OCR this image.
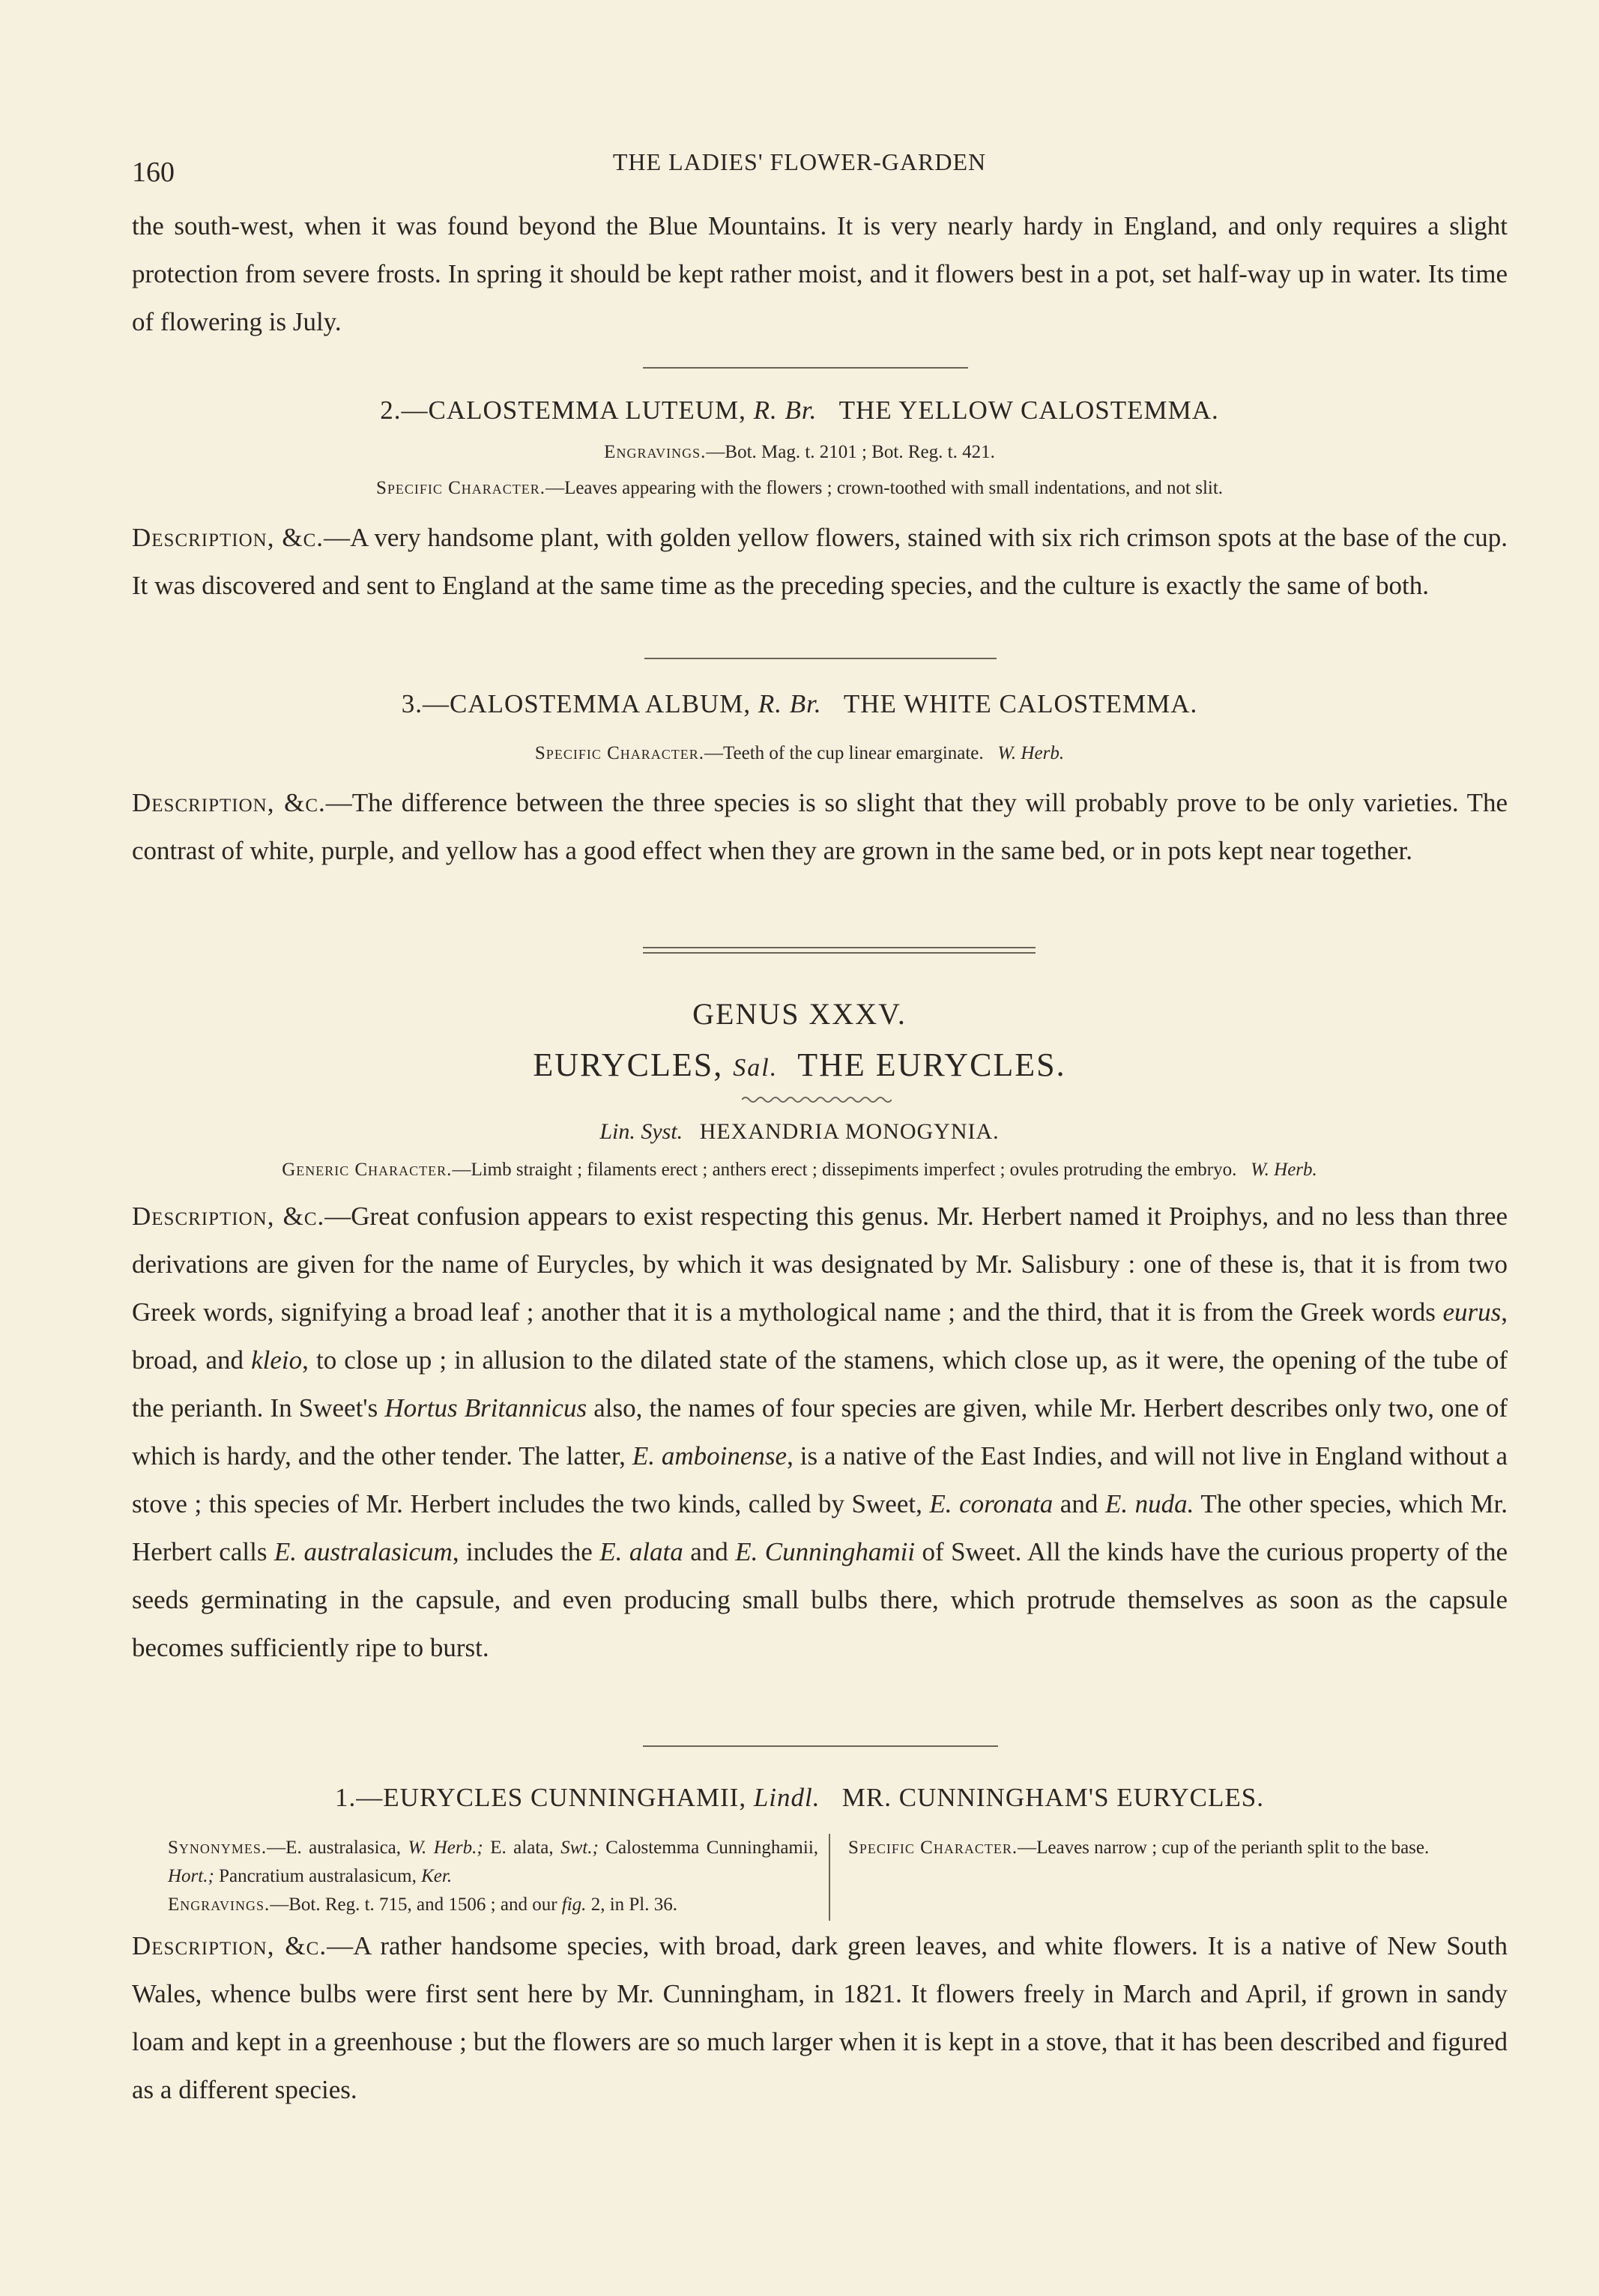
160	THE LADIES' FLOWER-GARDEN

the south-west, when it was found beyond the Blue Mountains. It is very nearly hardy in England, and only requires a slight protection from severe frosts. In spring it should be kept rather moist, and it flowers best in a pot, set half-way up in water. Its time of flowering is July.

2.—CALOSTEMMA LUTEUM, R. Br. THE YELLOW CALOSTEMMA.
Engravings.—Bot. Mag. t. 2101 ; Bot. Reg. t. 421.
Specific Character.—Leaves appearing with the flowers ; crown-toothed with small indentations, and not slit.

Description, &c.—A very handsome plant, with golden yellow flowers, stained with six rich crimson spots at the base of the cup. It was discovered and sent to England at the same time as the preceding species, and the culture is exactly the same of both.

3.—CALOSTEMMA ALBUM, R. Br. THE WHITE CALOSTEMMA.
Specific Character.—Teeth of the cup linear emarginate. W. Herb.

Description, &c.—The difference between the three species is so slight that they will probably prove to be only varieties. The contrast of white, purple, and yellow has a good effect when they are grown in the same bed, or in pots kept near together.

GENUS XXXV.
EURYCLES, Sal. THE EURYCLES.
Lin. Syst. HEXANDRIA MONOGYNIA.
Generic Character.—Limb straight ; filaments erect ; anthers erect ; dissepiments imperfect ; ovules protruding the embryo. W. Herb.

Description, &c.—Great confusion appears to exist respecting this genus. Mr. Herbert named it Proiphys, and no less than three derivations are given for the name of Eurycles, by which it was designated by Mr. Salisbury : one of these is, that it is from two Greek words, signifying a broad leaf ; another that it is a mythological name ; and the third, that it is from the Greek words eurus, broad, and kleio, to close up ; in allusion to the dilated state of the stamens, which close up, as it were, the opening of the tube of the perianth. In Sweet's Hortus Britannicus also, the names of four species are given, while Mr. Herbert describes only two, one of which is hardy, and the other tender. The latter, E. amboinense, is a native of the East Indies, and will not live in England without a stove ; this species of Mr. Herbert includes the two kinds, called by Sweet, E. coronata and E. nuda. The other species, which Mr. Herbert calls E. australasicum, includes the E. alata and E. Cunninghamii of Sweet. All the kinds have the curious property of the seeds germinating in the capsule, and even producing small bulbs there, which protrude themselves as soon as the capsule becomes sufficiently ripe to burst.

1.—EURYCLES CUNNINGHAMII, Lindl. MR. CUNNINGHAM'S EURYCLES.

Synonymes.—E. australasica, W. Herb.; E. alata, Swt.; Calostemma Cunninghamii, Hort.; Pancratium australasicum, Ker.

Engravings.—Bot. Reg. t. 715, and 1506 ; and our fig. 2, in Pl. 36.

Specific Character.—Leaves narrow ; cup of the perianth split to the base.

Description, &c.—A rather handsome species, with broad, dark green leaves, and white flowers. It is a native of New South Wales, whence bulbs were first sent here by Mr. Cunningham, in 1821. It flowers freely in March and April, if grown in sandy loam and kept in a greenhouse ; but the flowers are so much larger when it is kept in a stove, that it has been described and figured as a different species.
